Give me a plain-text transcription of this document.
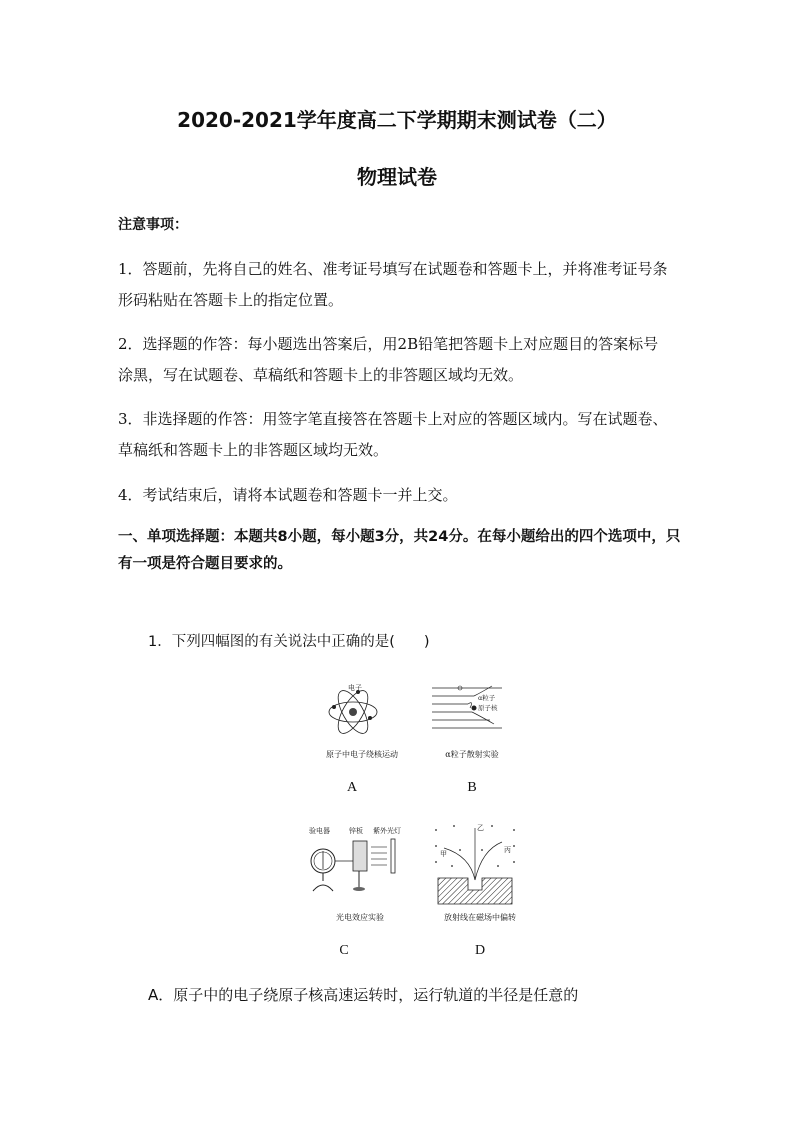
2020-2021学年度高二下学期期末测试卷（二）
物理试卷
注意事项：
1．答题前，先将自己的姓名、准考证号填写在试题卷和答题卡上，并将准考证号条
形码粘贴在答题卡上的指定位置。
2．选择题的作答：每小题选出答案后，用2B铅笔把答题卡上对应题目的答案标号
涂黑，写在试题卷、草稿纸和答题卡上的非答题区域均无效。
3．非选择题的作答：用签字笔直接答在答题卡上对应的答题区域内。写在试题卷、
草稿纸和答题卡上的非答题区域均无效。
4．考试结束后，请将本试题卷和答题卡一并上交。
一、单项选择题：本题共8小题，每小题3分，共24分。在每小题给出的四个选项中，只
有一项是符合题目要求的。
1．下列四幅图的有关说法中正确的是(　　)
电子
原子中电子绕核运动
A
α粒子
原子核
α粒子散射实验
B
验电器	锌板 紫外光灯
光电效应实验
C
乙
甲	丙
放射线在磁场中偏转
D
A．原子中的电子绕原子核高速运转时，运行轨道的半径是任意的
